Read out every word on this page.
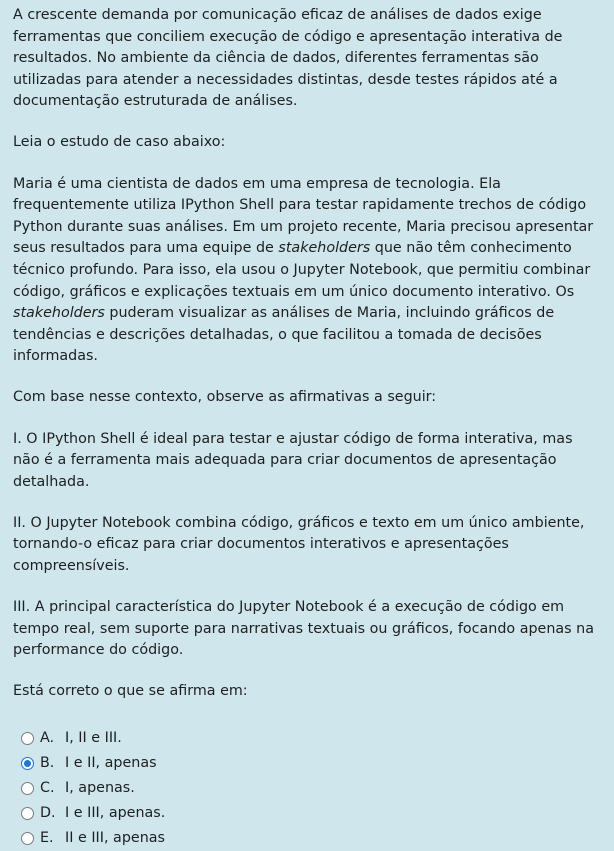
A crescente demanda por comunicação eficaz de análises de dados exige ferramentas que conciliem execução de código e apresentação interativa de resultados. No ambiente da ciência de dados, diferentes ferramentas são utilizadas para atender a necessidades distintas, desde testes rápidos até a documentação estruturada de análises.

Leia o estudo de caso abaixo:

Maria é uma cientista de dados em uma empresa de tecnologia. Ela frequentemente utiliza IPython Shell para testar rapidamente trechos de código Python durante suas análises. Em um projeto recente, Maria precisou apresentar seus resultados para uma equipe de stakeholders que não têm conhecimento técnico profundo. Para isso, ela usou o Jupyter Notebook, que permitiu combinar código, gráficos e explicações textuais em um único documento interativo. Os stakeholders puderam visualizar as análises de Maria, incluindo gráficos de tendências e descrições detalhadas, o que facilitou a tomada de decisões informadas.

Com base nesse contexto, observe as afirmativas a seguir:

I. O IPython Shell é ideal para testar e ajustar código de forma interativa, mas não é a ferramenta mais adequada para criar documentos de apresentação detalhada.

II. O Jupyter Notebook combina código, gráficos e texto em um único ambiente, tornando-o eficaz para criar documentos interativos e apresentações compreensíveis.

III. A principal característica do Jupyter Notebook é a execução de código em tempo real, sem suporte para narrativas textuais ou gráficos, focando apenas na performance do código.

Está correto o que se afirma em:

A. I, II e III.
B. I e II, apenas
C. I, apenas.
D. I e III, apenas.
E. II e III, apenas
